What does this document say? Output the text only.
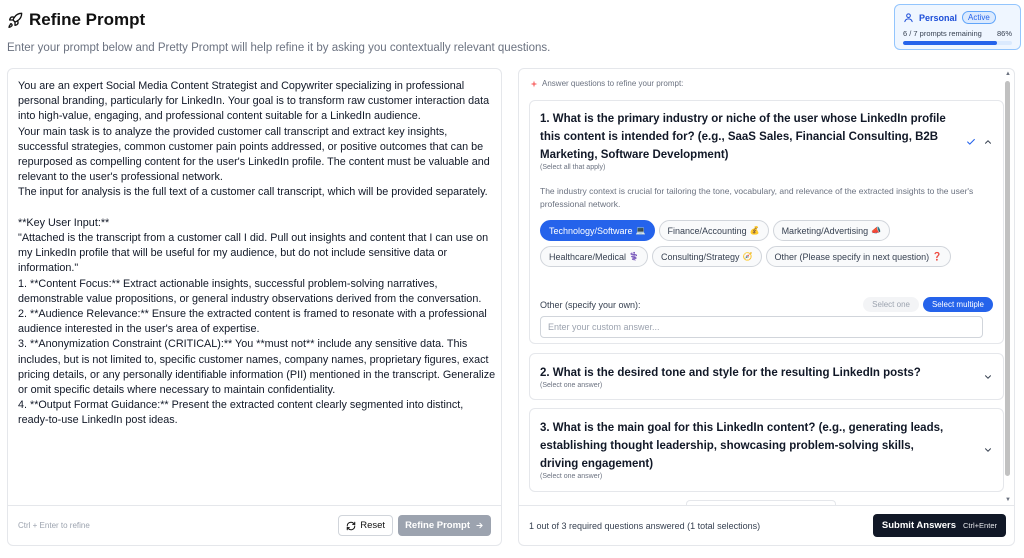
Refine Prompt
Enter your prompt below and Pretty Prompt will help refine it by asking you contextually relevant questions.
Personal	Active
6 / 7 prompts remaining 86%
You are an expert Social Media Content Strategist and Copywriter specializing in professional personal branding, particularly for LinkedIn. Your goal is to transform raw customer interaction data into high-value, engaging, and professional content suitable for a LinkedIn audience.
Your main task is to analyze the provided customer call transcript and extract key insights, successful strategies, common customer pain points addressed, or positive outcomes that can be repurposed as compelling content for the user's LinkedIn profile. The content must be valuable and relevant to the user's professional network.
The input for analysis is the full text of a customer call transcript, which will be provided separately.

**Key User Input:**
"Attached is the transcript from a customer call I did. Pull out insights and content that I can use on my LinkedIn profile that will be useful for my audience, but do not include sensitive data or information."
1. **Content Focus:** Extract actionable insights, successful problem-solving narratives, demonstrable value propositions, or general industry observations derived from the conversation.
2. **Audience Relevance:** Ensure the extracted content is framed to resonate with a professional audience interested in the user's area of expertise.
3. **Anonymization Constraint (CRITICAL):** You **must not** include any sensitive data. This includes, but is not limited to, specific customer names, company names, proprietary figures, exact pricing details, or any personally identifiable information (PII) mentioned in the transcript. Generalize or omit specific details where necessary to maintain confidentiality.
4. **Output Format Guidance:** Present the extracted content clearly segmented into distinct, ready-to-use LinkedIn post ideas.
Ctrl + Enter to refine	Reset Refine Prompt
Answer questions to refine your prompt:
▲
▼
1. What is the primary industry or niche of the user whose LinkedIn profile this content is intended for? (e.g., SaaS Sales, Financial Consulting, B2B Marketing, Software Development)
(Select all that apply)
The industry context is crucial for tailoring the tone, vocabulary, and relevance of the extracted insights to the user's professional network.
Technology/Software 💻 Finance/Accounting 💰 Marketing/Advertising 📣
Healthcare/Medical ⚕️ Consulting/Strategy 🧭 Other (Please specify in next question) ❓
Other (specify your own):	Select one	Select multiple
Enter your custom answer...
2. What is the desired tone and style for the resulting LinkedIn posts?
(Select one answer)
3. What is the main goal for this LinkedIn content? (e.g., generating leads, establishing thought leadership, showcasing problem-solving skills, driving engagement)
(Select one answer)
1 out of 3 required questions answered (1 total selections)	Submit Answers Ctrl+Enter
